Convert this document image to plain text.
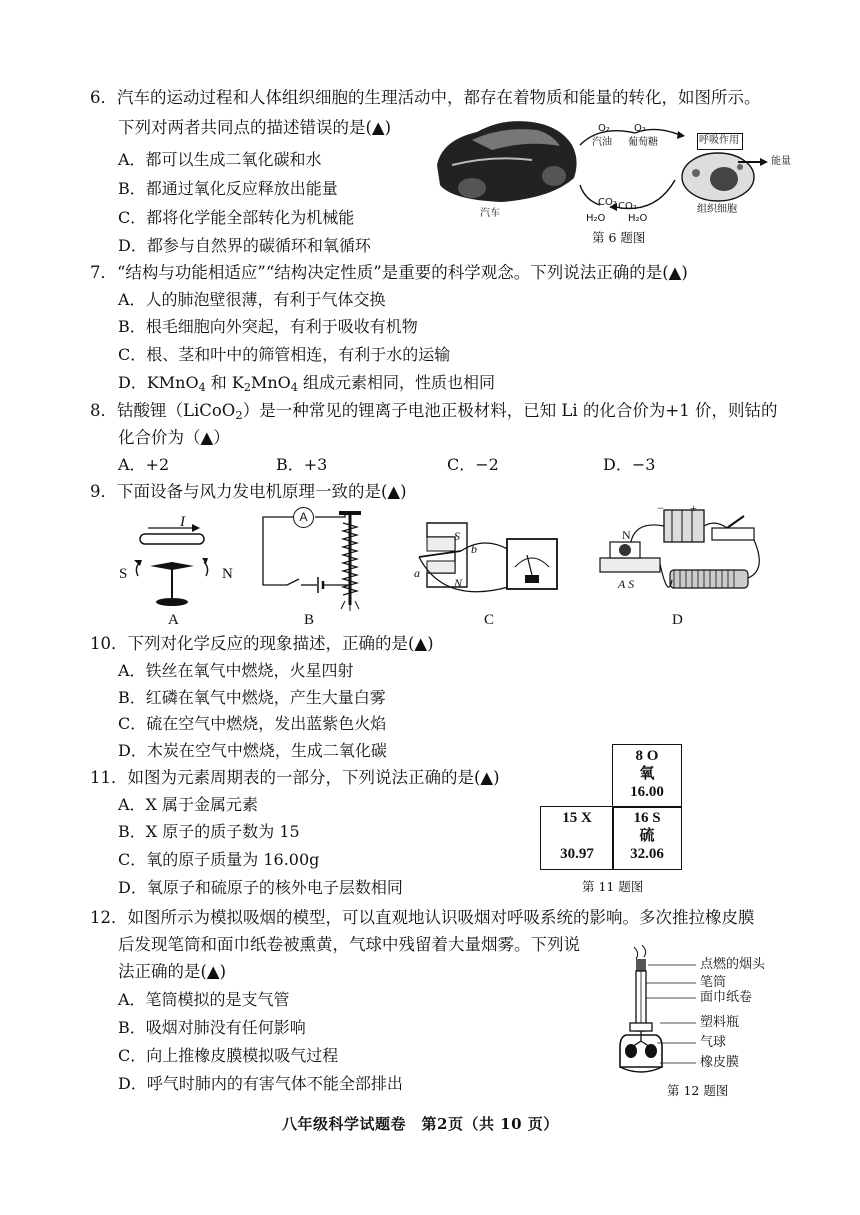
6．汽车的运动过程和人体组织细胞的生理活动中，都存在着物质和能量的转化，如图所示。
下列对两者共同点的描述错误的是(▲)
A．都可以生成二氧化碳和水
B．都通过氧化反应释放出能量
C．都将化学能全部转化为机械能
D．都参与自然界的碳循环和氧循环
汽车
O₂
汽油
O₂
葡萄糖	呼吸作用
能量
CO₂ CO₂
H₂O H₂O
组织细胞
第 6 题图
7．“结构与功能相适应”“结构决定性质”是重要的科学观念。下列说法正确的是(▲)
A．人的肺泡壁很薄，有利于气体交换
B．根毛细胞向外突起，有利于吸收有机物
C．根、茎和叶中的筛管相连，有利于水的运输
D．KMnO$_4$ 和 $K_2MnO_4$ 组成元素相同，性质也相同
8．钴酸锂（LiCoO$_2$）是一种常见的锂离子电池正极材料，已知 Li 的化合价为+1 价，则钴的
化合价为（▲）
A．+2	B．+3	C．−2	D．−3
9．下面设备与风力发电机原理一致的是(▲)
I
S	N
A
A
B
S
b
a
N
C
N
A S
− +
D
10．下列对化学反应的现象描述，正确的是(▲)
A．铁丝在氧气中燃烧，火星四射
B．红磷在氧气中燃烧，产生大量白雾
C．硫在空气中燃烧，发出蓝紫色火焰
D．木炭在空气中燃烧，生成二氧化碳
11．如图为元素周期表的一部分，下列说法正确的是(▲)
A．X 属于金属元素
B．X 原子的质子数为 15
C．氧的原子质量为 16.00g
D．氧原子和硫原子的核外电子层数相同
8 O
氧
16.00
15 X

30.97
16 S
硫
32.06
第 11 题图
12．如图所示为模拟吸烟的模型，可以直观地认识吸烟对呼吸系统的影响。多次推拉橡皮膜
后发现笔筒和面巾纸卷被熏黄，气球中残留着大量烟雾。下列说
法正确的是(▲)
A．笔筒模拟的是支气管
B．吸烟对肺没有任何影响
C．向上推橡皮膜模拟吸气过程
D．呼气时肺内的有害气体不能全部排出
点燃的烟头
笔筒
面巾纸卷
塑料瓶
气球
橡皮膜
第 12 题图
八年级科学试题卷　第2页（共 10 页）
